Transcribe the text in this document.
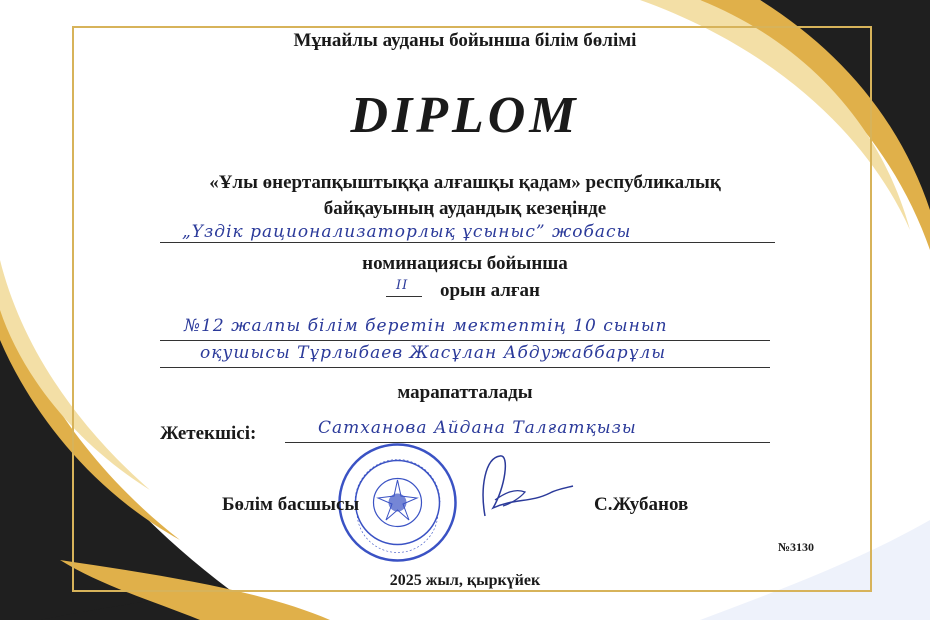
Мұнайлы ауданы бойынша білім бөлімі
DIPLOM
«Ұлы өнертапқыштыққа алғашқы қадам» республикалық
байқауының аудандық кезеңінде
„Үздік рационализаторлық ұсыныс” жобасы
номинациясы бойынша
II	орын алған
№12 жалпы білім беретін мектептің 10 сынып
оқушысы Тұрлыбаев Жасұлан Абдужаббарұлы
марапатталады
Жетекшісі:	Сатханова Айдана Талғатқызы
Бөлім басшысы	С.Жубанов
№3130
2025 жыл, қыркүйек
